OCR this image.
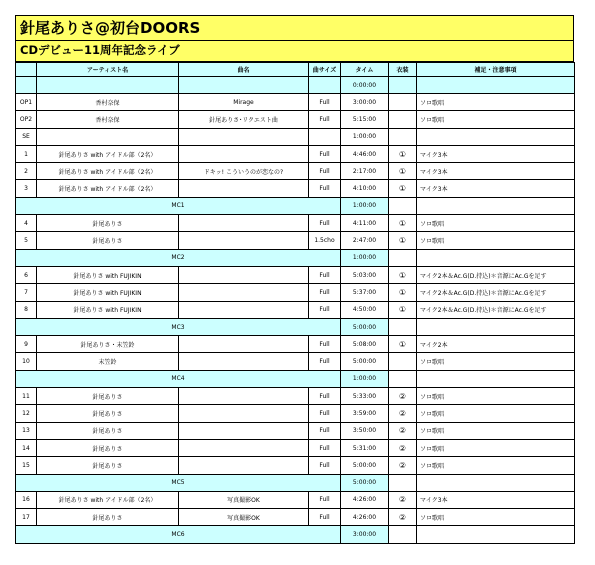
針尾ありさ@初台DOORS
CDデビュー11周年記念ライブ
	アーティスト名	曲名	曲サイズ	タイム	衣装	補足・注意事項
				0:00:00		
OP1	香村奈保	Mirage	Full	3:00:00		ソロ歌唱
OP2	香村奈保	針尾ありさ･リクエスト曲	Full	5:15:00		ソロ歌唱
SE				1:00:00		
1	針尾ありさ with アイドル部（2名）		Full	4:46:00	①	マイク3本
2	針尾ありさ with アイドル部（2名）	ドキッ! こういうのが恋なの?	Full	2:17:00	①	マイク3本
3	針尾ありさ with アイドル部（2名）		Full	4:10:00	①	マイク3本
MC1				1:00:00		
4	針尾ありさ		Full	4:11:00	①	ソロ歌唱
5	針尾ありさ		1.5cho	2:47:00	①	ソロ歌唱
MC2				1:00:00		
6	針尾ありさ with FUJIKIN		Full	5:03:00	①	マイク2本＆Ac.G(D.持込)＊音源にAc.Gを足す
7	針尾ありさ with FUJIKIN		Full	5:37:00	①	マイク2本＆Ac.G(D.持込)＊音源にAc.Gを足す
8	針尾ありさ with FUJIKIN		Full	4:50:00	①	マイク2本＆Ac.G(D.持込)＊音源にAc.Gを足す
MC3				5:00:00		
9	針尾ありさ・末笠鈴		Full	5:08:00	①	マイク2本
10	末笠鈴		Full	5:00:00		ソロ歌唱
MC4				1:00:00		
11	針尾ありさ		Full	5:33:00	②	ソロ歌唱
12	針尾ありさ		Full	3:59:00	②	ソロ歌唱
13	針尾ありさ		Full	3:50:00	②	ソロ歌唱
14	針尾ありさ		Full	5:31:00	②	ソロ歌唱
15	針尾ありさ		Full	5:00:00	②	ソロ歌唱
MC5				5:00:00		
16	針尾ありさ with アイドル部（2名）	写真撮影OK	Full	4:26:00	②	マイク3本
17	針尾ありさ	写真撮影OK	Full	4:26:00	②	ソロ歌唱
MC6				3:00:00		
